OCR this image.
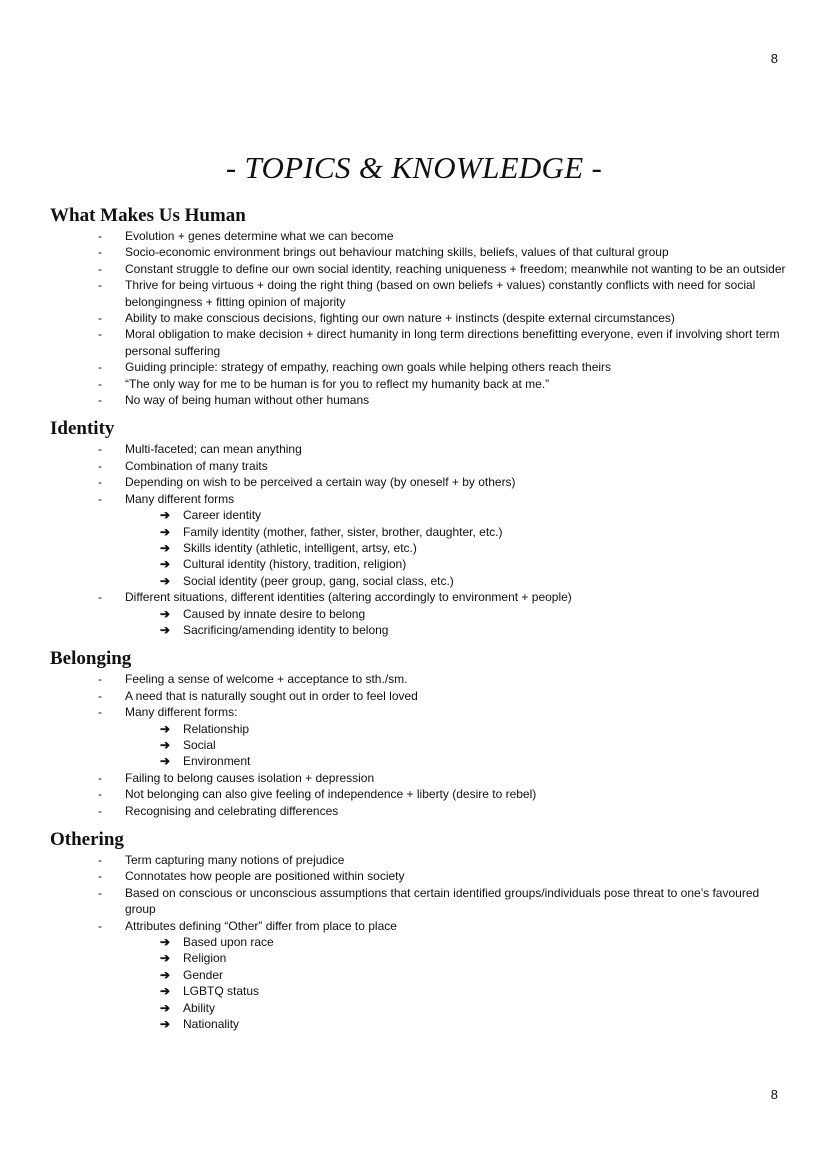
8
- TOPICS & KNOWLEDGE -
What Makes Us Human
- Evolution + genes determine what we can become
- Socio-economic environment brings out behaviour matching skills, beliefs, values of that cultural group
- Constant struggle to define our own social identity, reaching uniqueness + freedom; meanwhile not wanting to be an outsider
- Thrive for being virtuous + doing the right thing (based on own beliefs + values) constantly conflicts with need for social belongingness + fitting opinion of majority
- Ability to make conscious decisions, fighting our own nature + instincts (despite external circumstances)
- Moral obligation to make decision + direct humanity in long term directions benefitting everyone, even if involving short term personal suffering
- Guiding principle: strategy of empathy, reaching own goals while helping others reach theirs
- “The only way for me to be human is for you to reflect my humanity back at me.”
- No way of being human without other humans
Identity
- Multi-faceted; can mean anything
- Combination of many traits
- Depending on wish to be perceived a certain way (by oneself + by others)
- Many different forms
➔ Career identity
➔ Family identity (mother, father, sister, brother, daughter, etc.)
➔ Skills identity (athletic, intelligent, artsy, etc.)
➔ Cultural identity (history, tradition, religion)
➔ Social identity (peer group, gang, social class, etc.)
- Different situations, different identities (altering accordingly to environment + people)
➔ Caused by innate desire to belong
➔ Sacrificing/amending identity to belong
Belonging
- Feeling a sense of welcome + acceptance to sth./sm.
- A need that is naturally sought out in order to feel loved
- Many different forms:
➔ Relationship
➔ Social
➔ Environment
- Failing to belong causes isolation + depression
- Not belonging can also give feeling of independence + liberty (desire to rebel)
- Recognising and celebrating differences
Othering
- Term capturing many notions of prejudice
- Connotates how people are positioned within society
- Based on conscious or unconscious assumptions that certain identified groups/individuals pose threat to one’s favoured group
- Attributes defining “Other” differ from place to place
➔ Based upon race
➔ Religion
➔ Gender
➔ LGBTQ status
➔ Ability
➔ Nationality
8
